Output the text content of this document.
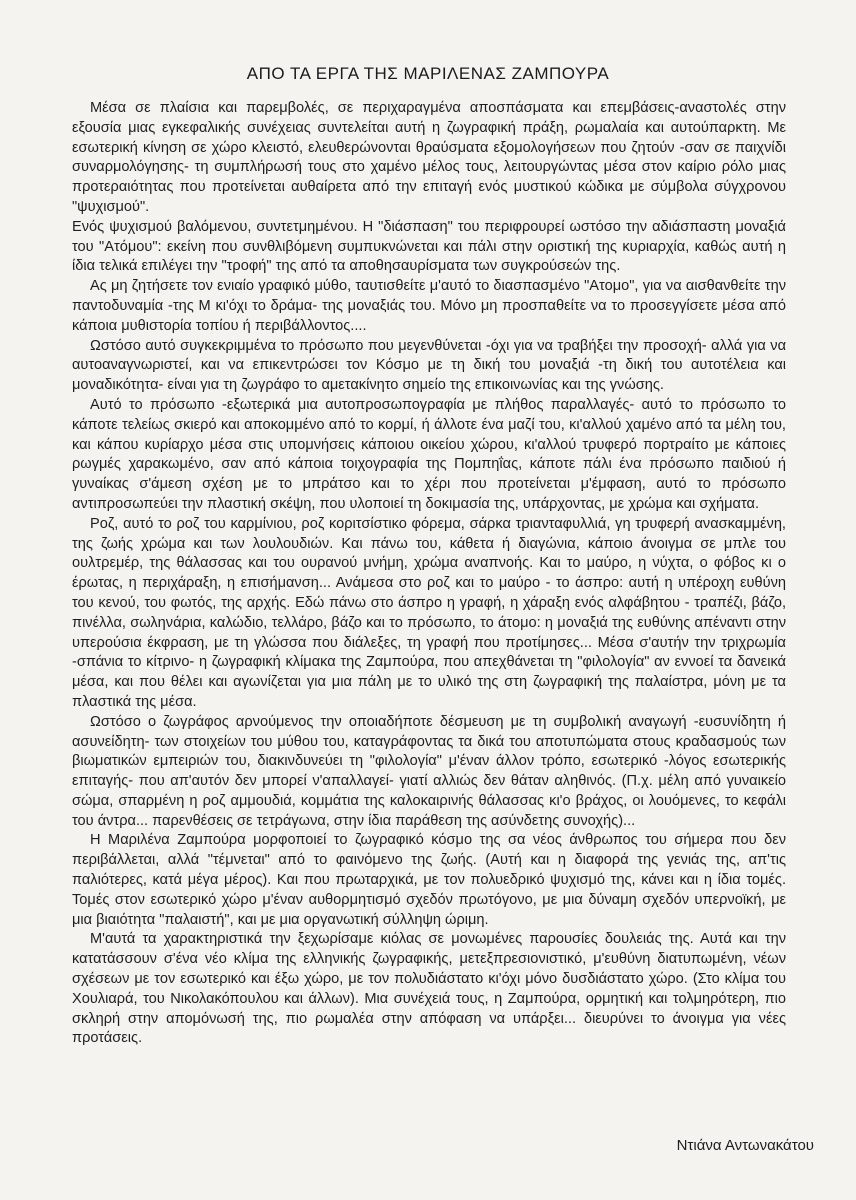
ΑΠΟ ΤΑ ΕΡΓΑ ΤΗΣ ΜΑΡΙΛΕΝΑΣ ΖΑΜΠΟΥΡΑ

Μέσα σε πλαίσια και παρεμβολές, σε περιχαραγμένα αποσπάσματα και επεμβάσεις-αναστολές στην εξουσία μιας εγκεφαλικής συνέχειας συντελείται αυτή η ζωγραφική πράξη, ρωμαλαία και αυτούπαρκτη. Με εσωτερική κίνηση σε χώρο κλειστό, ελευθερώνονται θραύσματα εξομολογήσεων που ζητούν -σαν σε παιχνίδι συναρμολόγησης- τη συμπλήρωσή τους στο χαμένο μέλος τους, λειτουργώντας μέσα στον καίριο ρόλο μιας προτεραιότητας που προτείνεται αυθαίρετα από την επιταγή ενός μυστικού κώδικα με σύμβολα σύγχρονου "ψυχισμού".

Ενός ψυχισμού βαλόμενου, συντετμημένου. Η "διάσπαση" του περιφρουρεί ωστόσο την αδιάσπαστη μοναξιά του "Ατόμου": εκείνη που συνθλιβόμενη συμπυκνώνεται και πάλι στην οριστική της κυριαρχία, καθώς αυτή η ίδια τελικά επιλέγει την "τροφή" της από τα αποθησαυρίσματα των συγκρούσεών της.

Ας μη ζητήσετε τον ενιαίο γραφικό μύθο, ταυτισθείτε μ'αυτό το διασπασμένο "Ατομο", για να αισθανθείτε την παντοδυναμία -της Μ κι'όχι το δράμα- της μοναξιάς του. Μόνο μη προσπαθείτε να το προσεγγίσετε μέσα από κάποια μυθιστορία τοπίου ή περιβάλλοντος....

Ωστόσο αυτό συγκεκριμμένα το πρόσωπο που μεγενθύνεται -όχι για να τραβήξει την προσοχή- αλλά για να αυτοαναγνωριστεί, και να επικεντρώσει τον Κόσμο με τη δική του μοναξιά -τη δική του αυτοτέλεια και μοναδικότητα- είναι για τη ζωγράφο το αμετακίνητο σημείο της επικοινωνίας και της γνώσης.

Αυτό το πρόσωπο -εξωτερικά μια αυτοπροσωπογραφία με πλήθος παραλλαγές- αυτό το πρόσωπο το κάποτε τελείως σκιερό και αποκομμένο από το κορμί, ή άλλοτε ένα μαζί του, κι'αλλού χαμένο από τα μέλη του, και κάπου κυρίαρχο μέσα στις υπομνήσεις κάποιου οικείου χώρου, κι'αλλού τρυφερό πορτραίτο με κάποιες ρωγμές χαρακωμένο, σαν από κάποια τοιχογραφία της Πομπηΐας, κάποτε πάλι ένα πρόσωπο παιδιού ή γυναίκας σ'άμεση σχέση με το μπράτσο και το χέρι που προτείνεται μ'έμφαση, αυτό το πρόσωπο αντιπροσωπεύει την πλαστική σκέψη, που υλοποιεί τη δοκιμασία της, υπάρχοντας, με χρώμα και σχήματα.

Ροζ, αυτό το ροζ του καρμίνιου, ροζ κοριτσίστικο φόρεμα, σάρκα τριανταφυλλιά, γη τρυφερή ανασκαμμένη, της ζωής χρώμα και των λουλουδιών. Και πάνω του, κάθετα ή διαγώνια, κάποιο άνοιγμα σε μπλε του ουλτρεμέρ, της θάλασσας και του ουρανού μνήμη, χρώμα αναπνοής. Και το μαύρο, η νύχτα, ο φόβος κι ο έρωτας, η περιχάραξη, η επισήμανση... Ανάμεσα στο ροζ και το μαύρο - το άσπρο: αυτή η υπέροχη ευθύνη του κενού, του φωτός, της αρχής. Εδώ πάνω στο άσπρο η γραφή, η χάραξη ενός αλφάβητου - τραπέζι, βάζο, πινέλλα, σωληνάρια, καλώδιο, τελλάρο, βάζο και το πρόσωπο, το άτομο: η μοναξιά της ευθύνης απέναντι στην υπερούσια έκφραση, με τη γλώσσα που διάλεξες, τη γραφή που προτίμησες... Μέσα σ'αυτήν την τριχρωμία -σπάνια το κίτρινο- η ζωγραφική κλίμακα της Ζαμπούρα, που απεχθάνεται τη "φιλολογία" αν εννοεί τα δανεικά μέσα, και που θέλει και αγωνίζεται για μια πάλη με το υλικό της στη ζωγραφική της παλαίστρα, μόνη με τα πλαστικά της μέσα.

Ωστόσο ο ζωγράφος αρνούμενος την οποιαδήποτε δέσμευση με τη συμβολική αναγωγή -ευσυνίδητη ή ασυνείδητη- των στοιχείων του μύθου του, καταγράφοντας τα δικά του αποτυπώματα στους κραδασμούς των βιωματικών εμπειριών του, διακινδυνεύει τη "φιλολογία" μ'έναν άλλον τρόπο, εσωτερικό -λόγος εσωτερικής επιταγής- που απ'αυτόν δεν μπορεί ν'απαλλαγεί- γιατί αλλιώς δεν θάταν αληθινός. (Π.χ. μέλη από γυναικείο σώμα, σπαρμένη η ροζ αμμουδιά, κομμάτια της καλοκαιρινής θάλασσας κι'ο βράχος, οι λουόμενες, το κεφάλι του άντρα... παρενθέσεις σε τετράγωνα, στην ίδια παράθεση της ασύνδετης συνοχής)...

Η Μαριλένα Ζαμπούρα μορφοποιεί το ζωγραφικό κόσμο της σα νέος άνθρωπος του σήμερα που δεν περιβάλλεται, αλλά "τέμνεται" από το φαινόμενο της ζωής. (Αυτή και η διαφορά της γενιάς της, απ'τις παλιότερες, κατά μέγα μέρος). Και που πρωταρχικά, με τον πολυεδρικό ψυχισμό της, κάνει και η ίδια τομές. Τομές στον εσωτερικό χώρο μ'έναν αυθορμητισμό σχεδόν πρωτόγονο, με μια δύναμη σχεδόν υπερνοϊκή, με μια βιαιότητα "παλαιστή", και με μια οργανωτική σύλληψη ώριμη.

Μ'αυτά τα χαρακτηριστικά την ξεχωρίσαμε κιόλας σε μονωμένες παρουσίες δουλειάς της. Αυτά και την κατατάσσουν σ'ένα νέο κλίμα της ελληνικής ζωγραφικής, μετεξπρεσιονιστικό, μ'ευθύνη διατυπωμένη, νέων σχέσεων με τον εσωτερικό και έξω χώρο, με τον πολυδιάστατο κι'όχι μόνο δυσδιάστατο χώρο. (Στο κλίμα του Χουλιαρά, του Νικολακόπουλου και άλλων). Μια συνέχειά τους, η Ζαμπούρα, ορμητική και τολμηρότερη, πιο σκληρή στην απομόνωσή της, πιο ρωμαλέα στην απόφαση να υπάρξει... διευρύνει το άνοιγμα για νέες προτάσεις.

Ντιάνα Αντωνακάτου
